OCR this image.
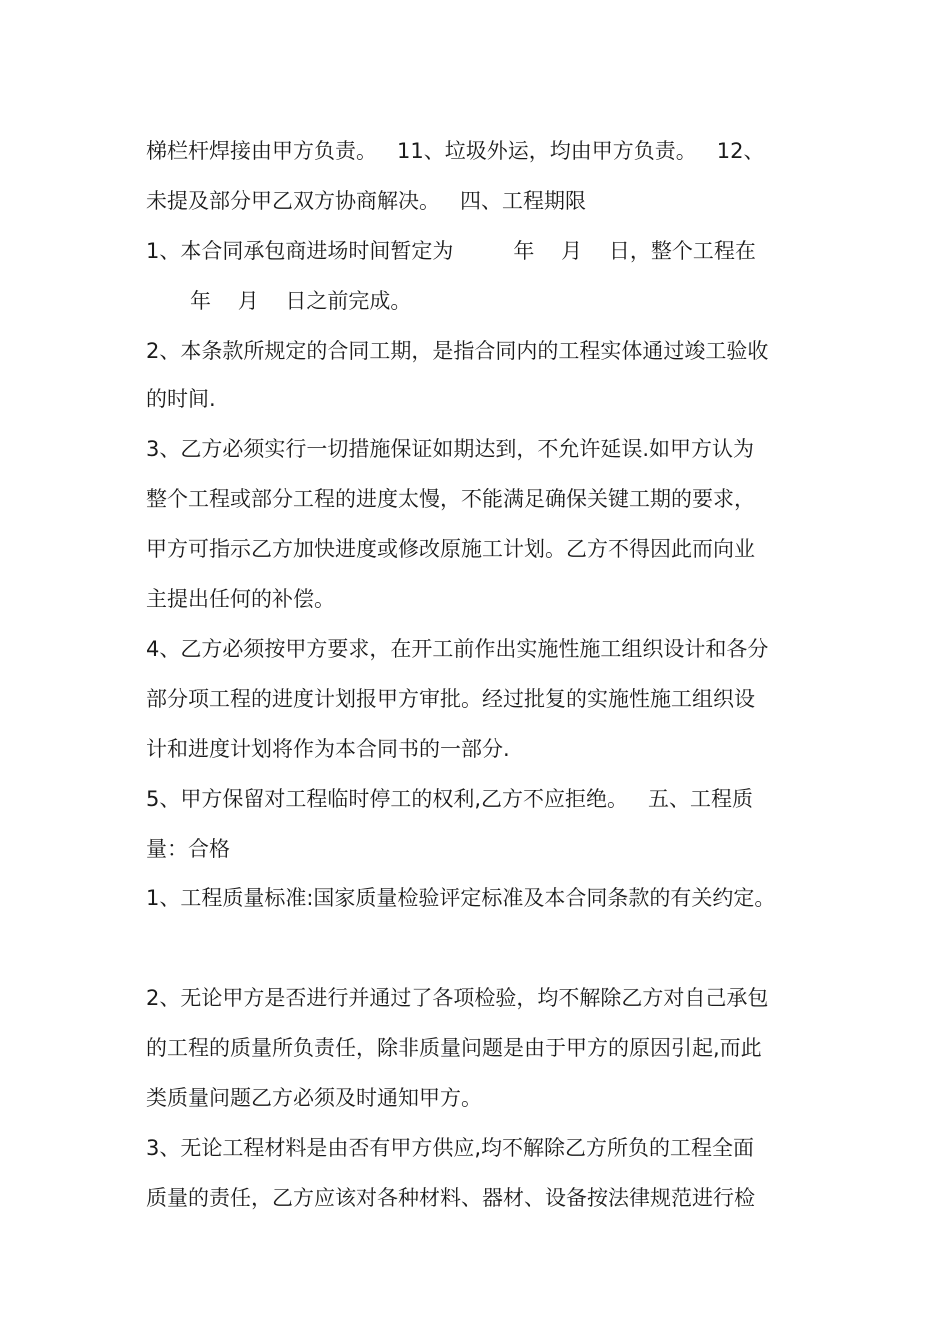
梯栏杆焊接由甲方负责。   11、垃圾外运，均由甲方负责。   12、
未提及部分甲乙双方协商解决。   四、工程期限
1、本合同承包商进场时间暂定为         年    月    日，整个工程在
年    月    日之前完成。
2、本条款所规定的合同工期，是指合同内的工程实体通过竣工验收
的时间.
3、乙方必须实行一切措施保证如期达到，不允许延误.如甲方认为
整个工程或部分工程的进度太慢，不能满足确保关键工期的要求，
甲方可指示乙方加快进度或修改原施工计划。乙方不得因此而向业
主提出任何的补偿。
4、乙方必须按甲方要求，在开工前作出实施性施工组织设计和各分
部分项工程的进度计划报甲方审批。经过批复的实施性施工组织设
计和进度计划将作为本合同书的一部分.
5、甲方保留对工程临时停工的权利,乙方不应拒绝。   五、工程质
量：合格
1、工程质量标准:国家质量检验评定标准及本合同条款的有关约定。
2、无论甲方是否进行并通过了各项检验，均不解除乙方对自己承包
的工程的质量所负责任，除非质量问题是由于甲方的原因引起,而此
类质量问题乙方必须及时通知甲方。
3、无论工程材料是由否有甲方供应,均不解除乙方所负的工程全面
质量的责任，乙方应该对各种材料、器材、设备按法律规范进行检
